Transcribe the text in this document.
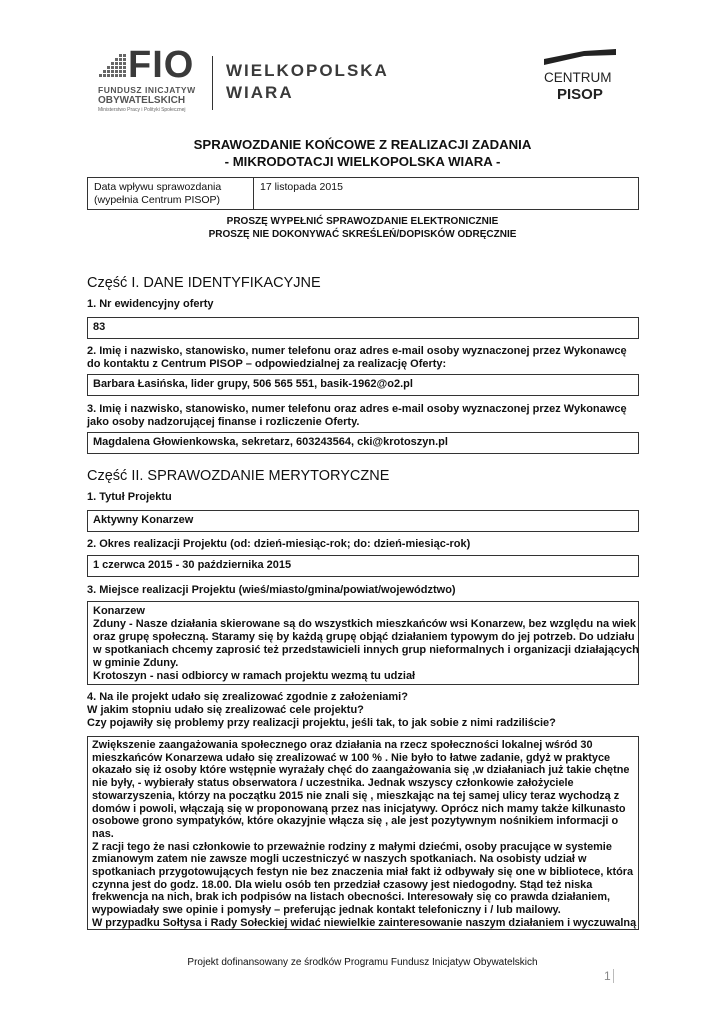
FIO
FUNDUSZ INICJATYW
OBYWATELSKICH
Ministerstwo Pracy i Polityki Społecznej
WIELKOPOLSKA
WIARA
CENTRUM
PISOP
SPRAWOZDANIE KOŃCOWE Z REALIZACJI ZADANIA
- MIKRODOTACJI WIELKOPOLSKA WIARA -
Data wpływu sprawozdania
(wypełnia Centrum PISOP)
17 listopada 2015
PROSZĘ WYPEŁNIĆ SPRAWOZDANIE ELEKTRONICZNIE
PROSZĘ NIE DOKONYWAĆ SKREŚLEŃ/DOPISKÓW ODRĘCZNIE
Część I. DANE IDENTYFIKACYJNE
1. Nr ewidencyjny oferty
83
2. Imię i nazwisko, stanowisko, numer telefonu oraz adres e-mail osoby wyznaczonej przez Wykonawcę
do kontaktu z Centrum PISOP – odpowiedzialnej za realizację Oferty:
Barbara Łasińska, lider grupy, 506 565 551, basik-1962@o2.pl
3. Imię i nazwisko, stanowisko, numer telefonu oraz adres e-mail osoby wyznaczonej przez Wykonawcę
jako osoby nadzorującej finanse i rozliczenie Oferty.
Magdalena Głowienkowska, sekretarz, 603243564, cki@krotoszyn.pl
Część II. SPRAWOZDANIE MERYTORYCZNE
1. Tytuł Projektu
Aktywny Konarzew
2. Okres realizacji Projektu (od: dzień-miesiąc-rok; do: dzień-miesiąc-rok)
1 czerwca 2015 - 30 października 2015
3. Miejsce realizacji Projektu (wieś/miasto/gmina/powiat/województwo)
Konarzew
Zduny - Nasze działania skierowane są do wszystkich mieszkańców wsi Konarzew, bez względu na wiek
oraz grupę społeczną. Staramy się by każdą grupę objąć działaniem typowym do jej potrzeb. Do udziału
w spotkaniach chcemy zaprosić też przedstawicieli innych grup nieformalnych i organizacji działających
w gminie Zduny.
Krotoszyn - nasi odbiorcy w ramach projektu wezmą tu udział
4. Na ile projekt udało się zrealizować zgodnie z założeniami?
W jakim stopniu udało się zrealizować cele projektu?
Czy pojawiły się problemy przy realizacji projektu, jeśli tak, to jak sobie z nimi radziliście?
Zwiększenie zaangażowania społecznego oraz działania na rzecz społeczności lokalnej wśród 30
mieszkańców Konarzewa udało się zrealizować w 100 % . Nie było to łatwe zadanie, gdyż w praktyce
okazało się iż osoby które wstępnie wyrażały chęć do zaangażowania się ,w działaniach już takie chętne
nie były, - wybierały status obserwatora / uczestnika. Jednak wszyscy członkowie założyciele
stowarzyszenia, którzy na początku 2015 nie znali się , mieszkając na tej samej ulicy teraz wychodzą z
domów i powoli, włączają się w proponowaną przez nas inicjatywy. Oprócz nich mamy także kilkunasto
osobowe grono sympatyków, które okazyjnie włącza się , ale jest pozytywnym nośnikiem informacji o
nas.
Z racji tego że nasi członkowie to przeważnie rodziny z małymi dziećmi, osoby pracujące w systemie
zmianowym zatem nie zawsze mogli uczestniczyć w naszych spotkaniach. Na osobisty udział w
spotkaniach przygotowujących festyn nie bez znaczenia miał fakt iż odbywały się one w bibliotece, która
czynna jest do godz. 18.00. Dla wielu osób ten przedział czasowy jest niedogodny. Stąd też niska
frekwencja na nich, brak ich podpisów na listach obecności. Interesowały się co prawda działaniem,
wypowiadały swe opinie i pomysły – preferując jednak kontakt telefoniczny i / lub mailowy.
W przypadku Sołtysa i Rady Sołeckiej widać niewielkie zainteresowanie naszym działaniem i wyczuwalną
Projekt dofinansowany ze środków Programu Fundusz Inicjatyw Obywatelskich
1
